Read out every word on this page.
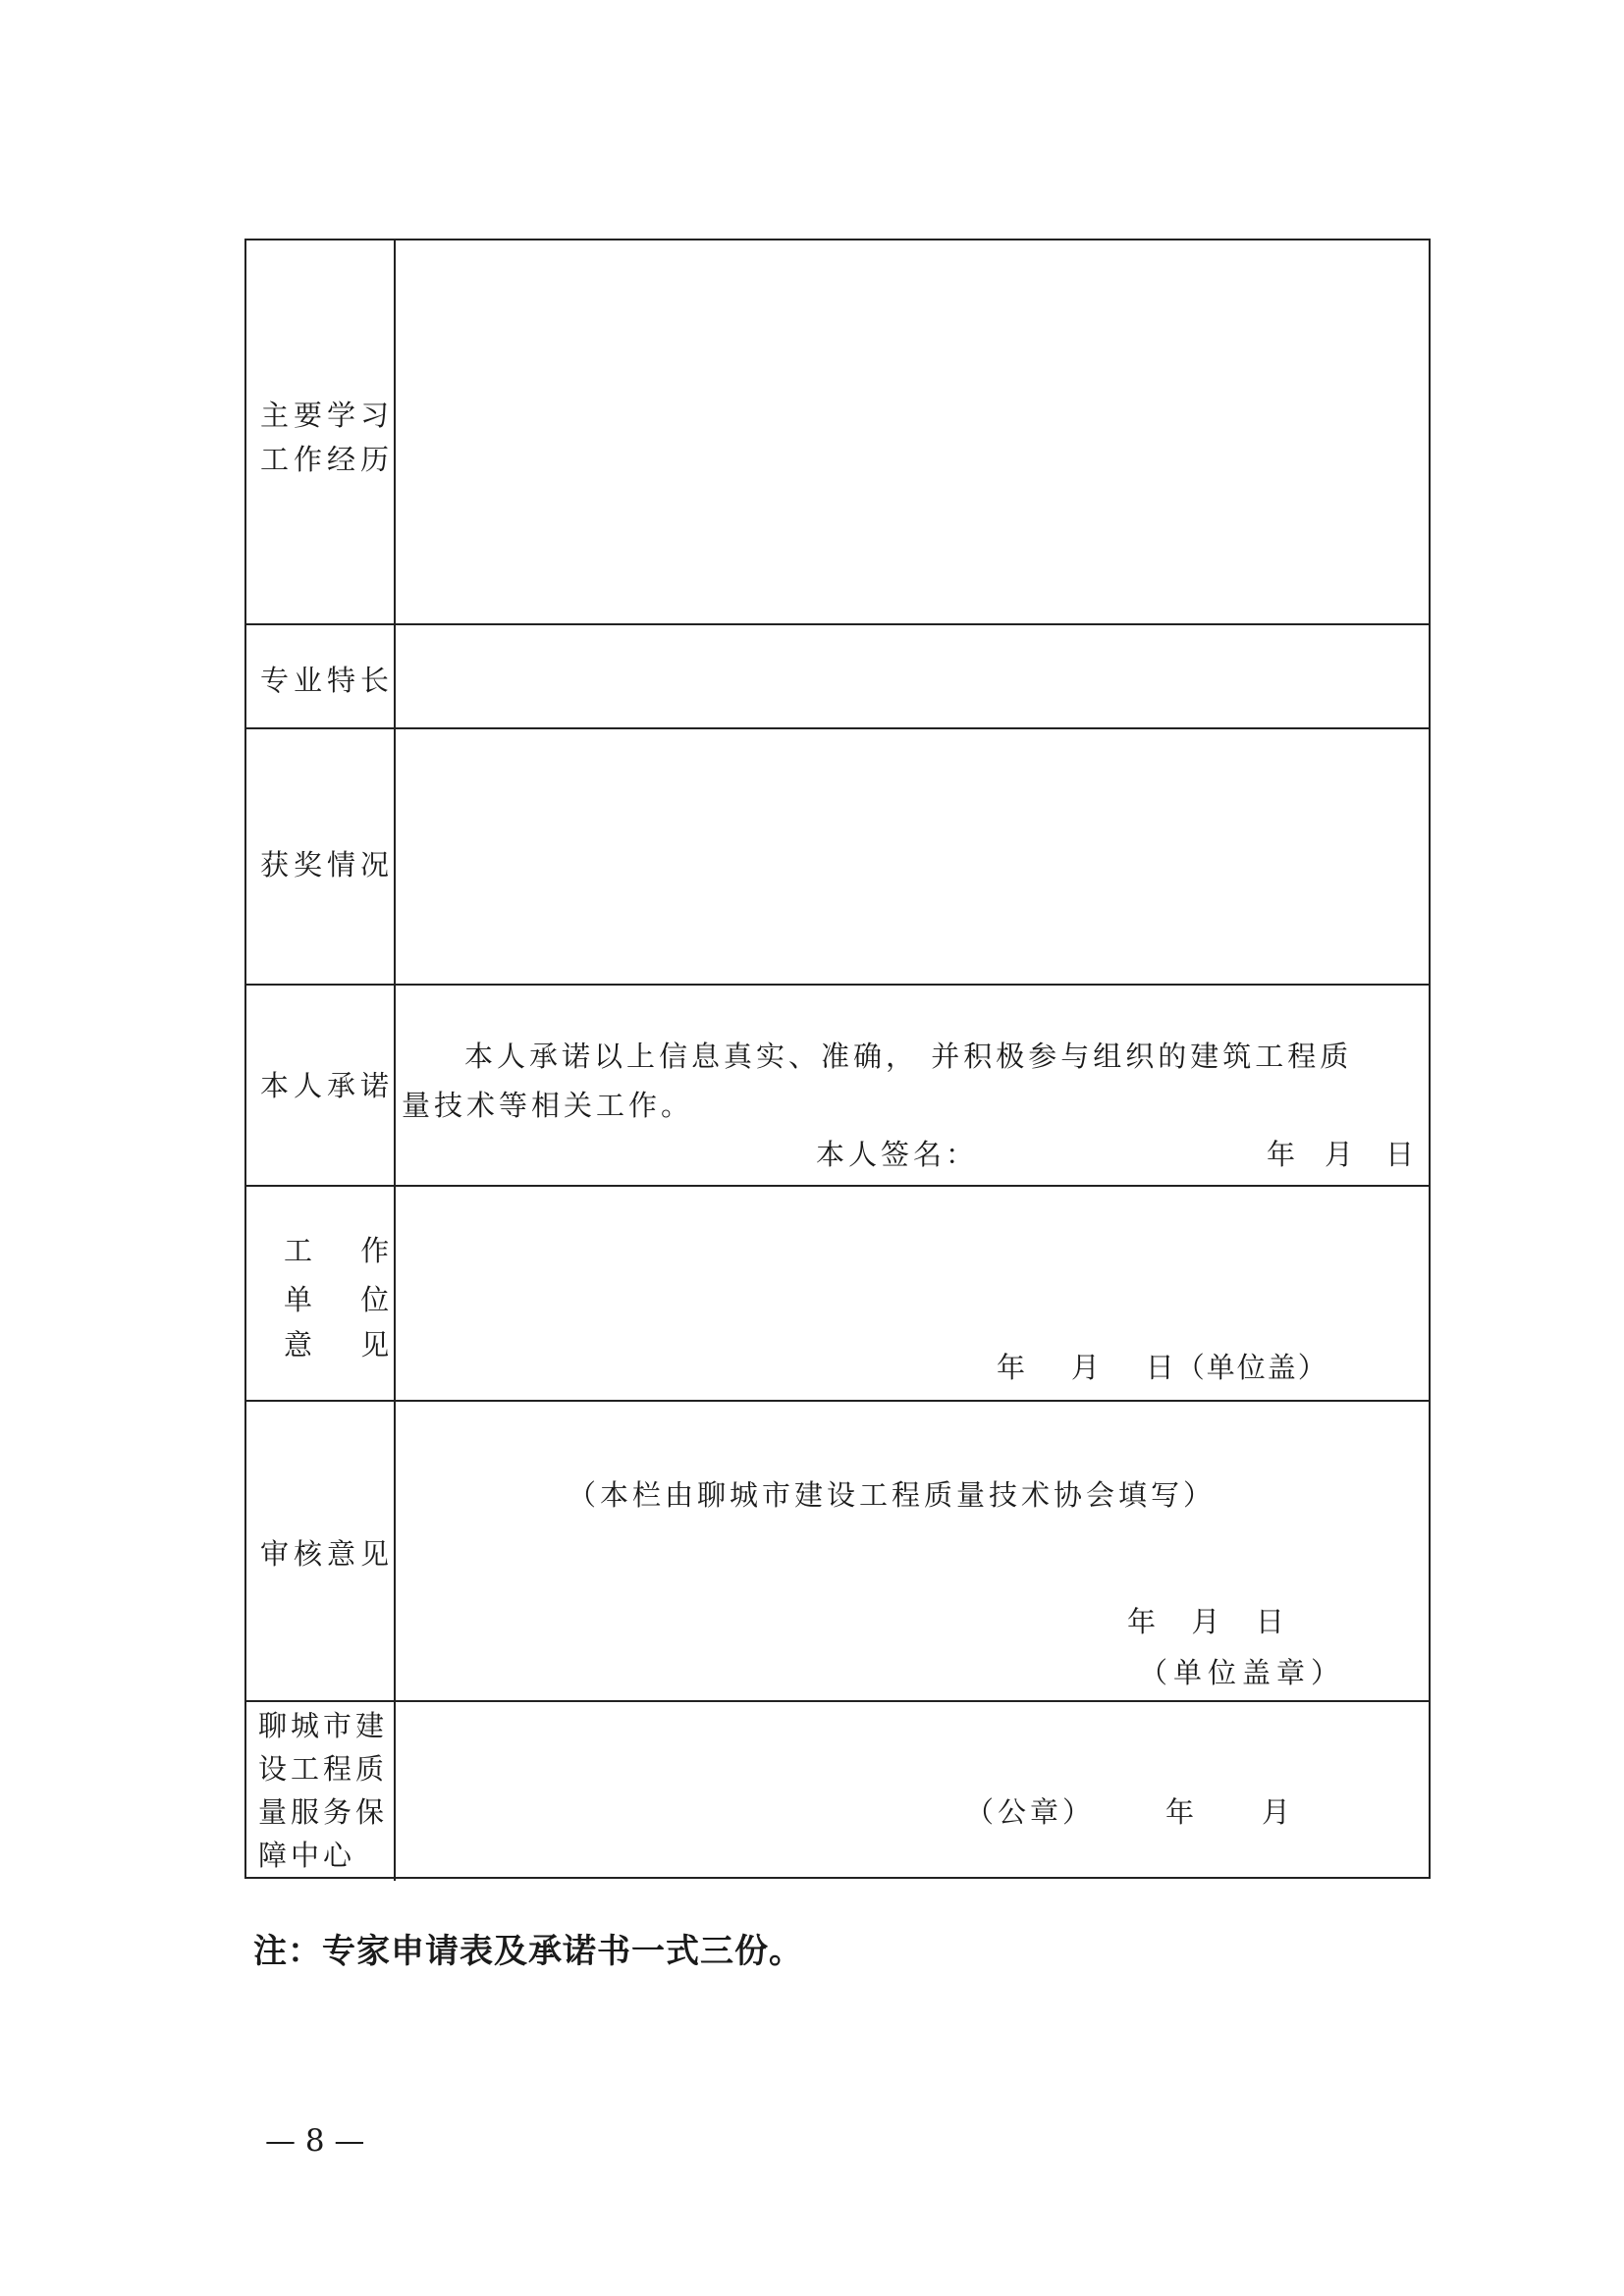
主要学习
工作经历
专业特长
获奖情况
本人承诺
本人承诺以上信息真实、准确， 并积极参与组织的建筑工程质
量技术等相关工作。
本人签名：	年 月 日
工 作
单 位
意 见
年    月    日（单位盖）
审核意见
（本栏由聊城市建设工程质量技术协会填写）
年  月  日
（单位盖章）
聊城市建
设工程质
量服务保
障中心
（公章） 年 月
注：专家申请表及承诺书一式三份。
— 8 —
